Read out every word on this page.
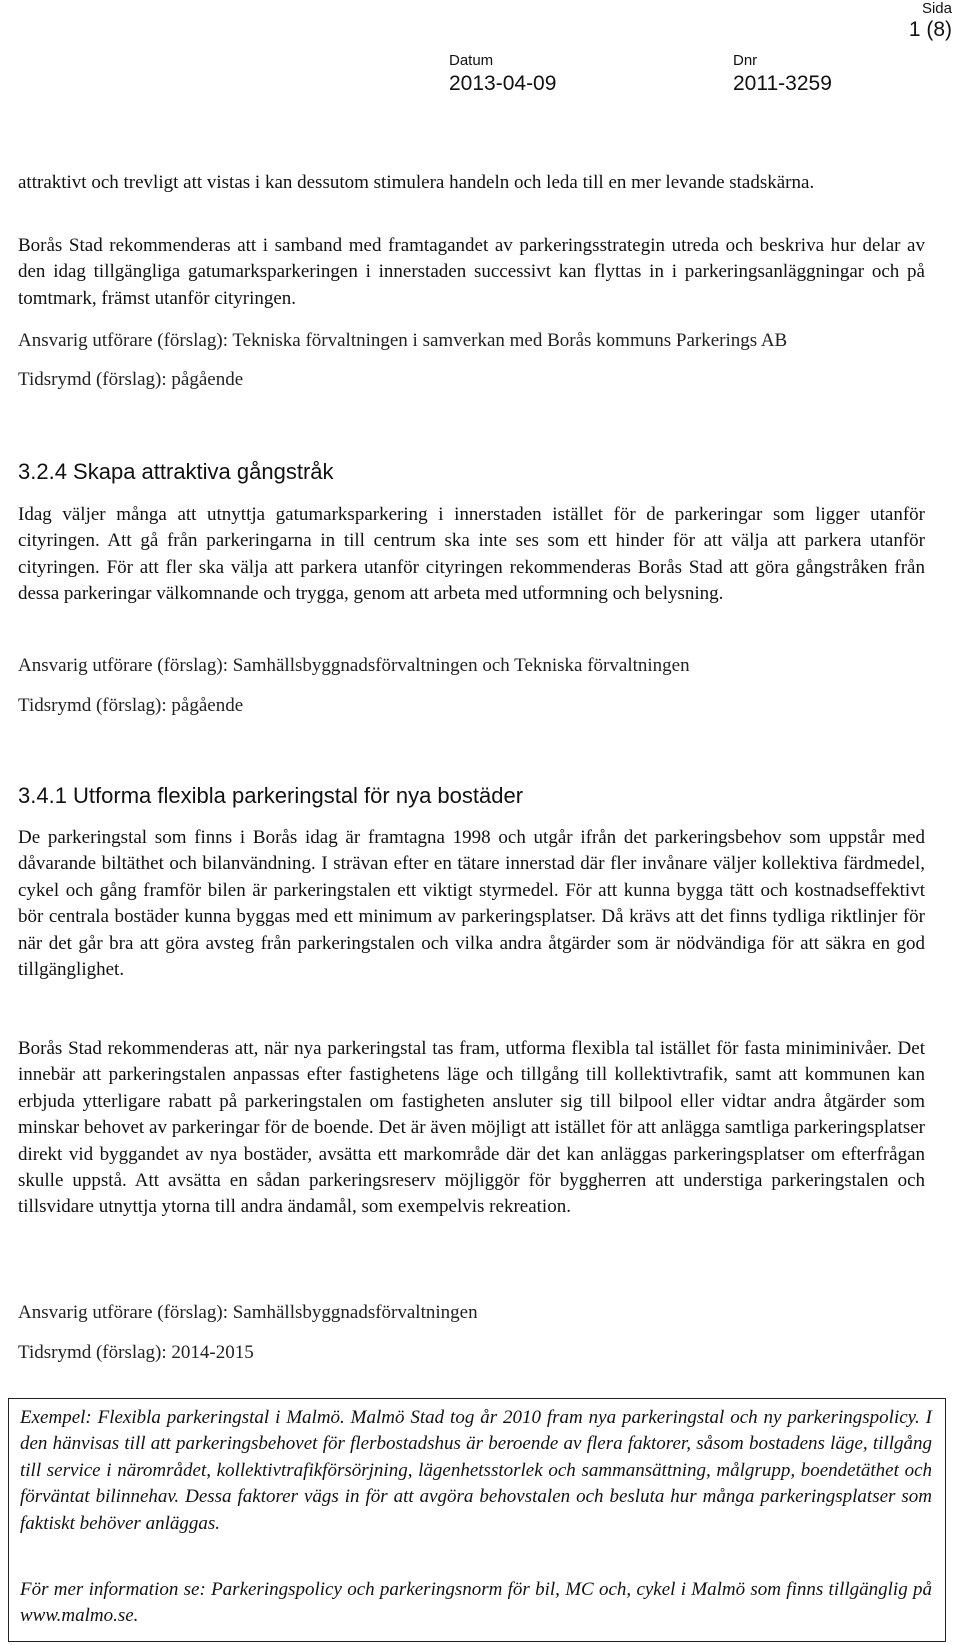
Sida
1 (8)
Datum
2013-04-09
Dnr
2011-3259

attraktivt och trevligt att vistas i kan dessutom stimulera handeln och leda till en mer levande stadskärna.

Borås Stad rekommenderas att i samband med framtagandet av parkeringsstrategin utreda och beskriva hur delar av den idag tillgängliga gatumarksparkeringen i innerstaden successivt kan flyttas in i parkeringsanläggningar och på tomtmark, främst utanför cityringen.

Ansvarig utförare (förslag): Tekniska förvaltningen i samverkan med Borås kommuns Parkerings AB

Tidsrymd (förslag): pågående

3.2.4 Skapa attraktiva gångstråk

Idag väljer många att utnyttja gatumarksparkering i innerstaden istället för de parkeringar som ligger utanför cityringen. Att gå från parkeringarna in till centrum ska inte ses som ett hinder för att välja att parkera utanför cityringen. För att fler ska välja att parkera utanför cityringen rekommenderas Borås Stad att göra gångstråken från dessa parkeringar välkomnande och trygga, genom att arbeta med utformning och belysning.

Ansvarig utförare (förslag): Samhällsbyggnadsförvaltningen och Tekniska förvaltningen

Tidsrymd (förslag): pågående

3.4.1 Utforma flexibla parkeringstal för nya bostäder

De parkeringstal som finns i Borås idag är framtagna 1998 och utgår ifrån det parkeringsbehov som uppstår med dåvarande biltäthet och bilanvändning. I strävan efter en tätare innerstad där fler invånare väljer kollektiva färdmedel, cykel och gång framför bilen är parkeringstalen ett viktigt styrmedel. För att kunna bygga tätt och kostnadseffektivt bör centrala bostäder kunna byggas med ett minimum av parkeringsplatser. Då krävs att det finns tydliga riktlinjer för när det går bra att göra avsteg från parkeringstalen och vilka andra åtgärder som är nödvändiga för att säkra en god tillgänglighet.

Borås Stad rekommenderas att, när nya parkeringstal tas fram, utforma flexibla tal istället för fasta miniminivåer. Det innebär att parkeringstalen anpassas efter fastighetens läge och tillgång till kollektivtrafik, samt att kommunen kan erbjuda ytterligare rabatt på parkeringstalen om fastigheten ansluter sig till bilpool eller vidtar andra åtgärder som minskar behovet av parkeringar för de boende. Det är även möjligt att istället för att anlägga samtliga parkeringsplatser direkt vid byggandet av nya bostäder, avsätta ett markområde där det kan anläggas parkeringsplatser om efterfrågan skulle uppstå. Att avsätta en sådan parkeringsreserv möjliggör för byggherren att understiga parkeringstalen och tillsvidare utnyttja ytorna till andra ändamål, som exempelvis rekreation.

Ansvarig utförare (förslag): Samhällsbyggnadsförvaltningen

Tidsrymd (förslag): 2014-2015

Exempel: Flexibla parkeringstal i Malmö. Malmö Stad tog år 2010 fram nya parkeringstal och ny parkeringspolicy. I den hänvisas till att parkeringsbehovet för flerbostadshus är beroende av flera faktorer, såsom bostadens läge, tillgång till service i närområdet, kollektivtrafikförsörjning, lägenhetsstorlek och sammansättning, målgrupp, boendetäthet och förväntat bilinnehav. Dessa faktorer vägs in för att avgöra behovstalen och besluta hur många parkeringsplatser som faktiskt behöver anläggas.

För mer information se: Parkeringspolicy och parkeringsnorm för bil, MC och, cykel i Malmö som finns tillgänglig på www.malmo.se.
